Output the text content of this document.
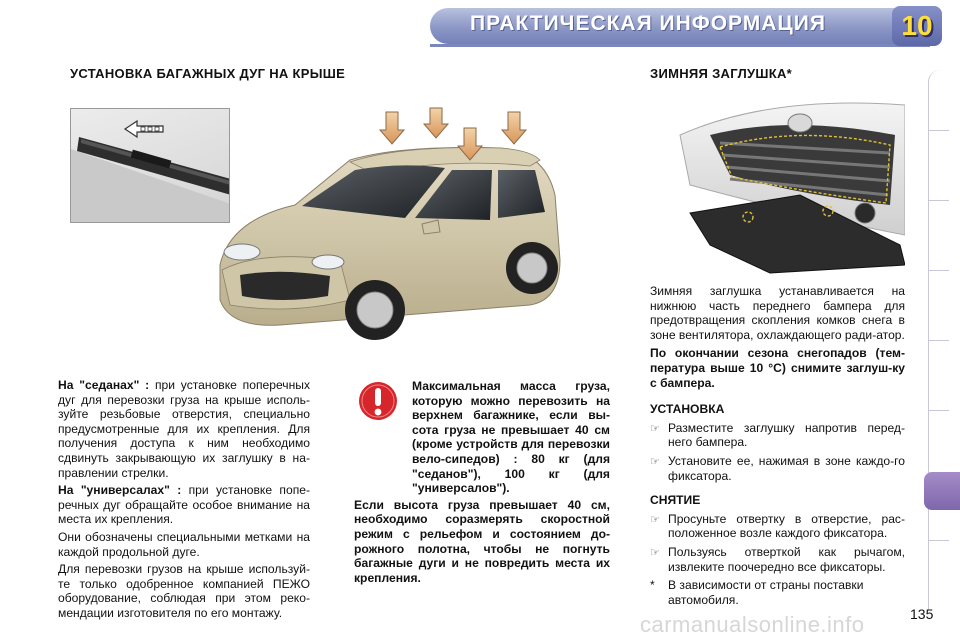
ПРАКТИЧЕСКАЯ ИНФОРМАЦИЯ	10
УСТАНОВКА БАГАЖНЫХ ДУГ НА КРЫШЕ

На "седанах" : при установке поперечных дуг для перевозки груза на крыше исполь-зуйте резьбовые отверстия, специально предусмотренные для их крепления. Для получения доступа к ним необходимо сдвинуть закрывающую их заглушку в на-правлении стрелки.

На "универсалах" : при установке попе-речных дуг обращайте особое внимание на места их крепления.

Они обозначены специальными метками на каждой продольной дуге.

Для перевозки грузов на крыше используй-те только одобренное компанией ПЕЖО оборудование, соблюдая при этом реко-мендации изготовителя по его монтажу.

Максимальная масса груза, которую можно перевозить на верхнем багажнике, если вы-сота груза не превышает 40 см (кроме устройств для перевозки вело-сипедов) : 80 кг (для "седанов"), 100 кг (для "универсалов").

Если высота груза превышает 40 см, необходимо соразмерять скоростной режим с рельефом и состоянием до-рожного полотна, чтобы не погнуть багажные дуги и не повредить места их крепления.

ЗИМНЯЯ ЗАГЛУШКА*

Зимняя заглушка устанавливается на нижнюю часть переднего бампера для предотвращения скопления комков снега в зоне вентилятора, охлаждающего ради-атор.

По окончании сезона снегопадов (тем-пература выше 10 °С) снимите заглуш-ку с бампера.

УСТАНОВКА
☞ Разместите заглушку напротив перед-него бампера.
☞ Установите ее, нажимая в зоне каждо-го фиксатора.
СНЯТИЕ
☞ Просуньте отвертку в отверстие, рас-положенное возле каждого фиксатора.
☞ Пользуясь отверткой как рычагом, извлеките поочередно все фиксаторы.
*	В зависимости от страны поставки автомобиля.
carmanualsonline.info	135
